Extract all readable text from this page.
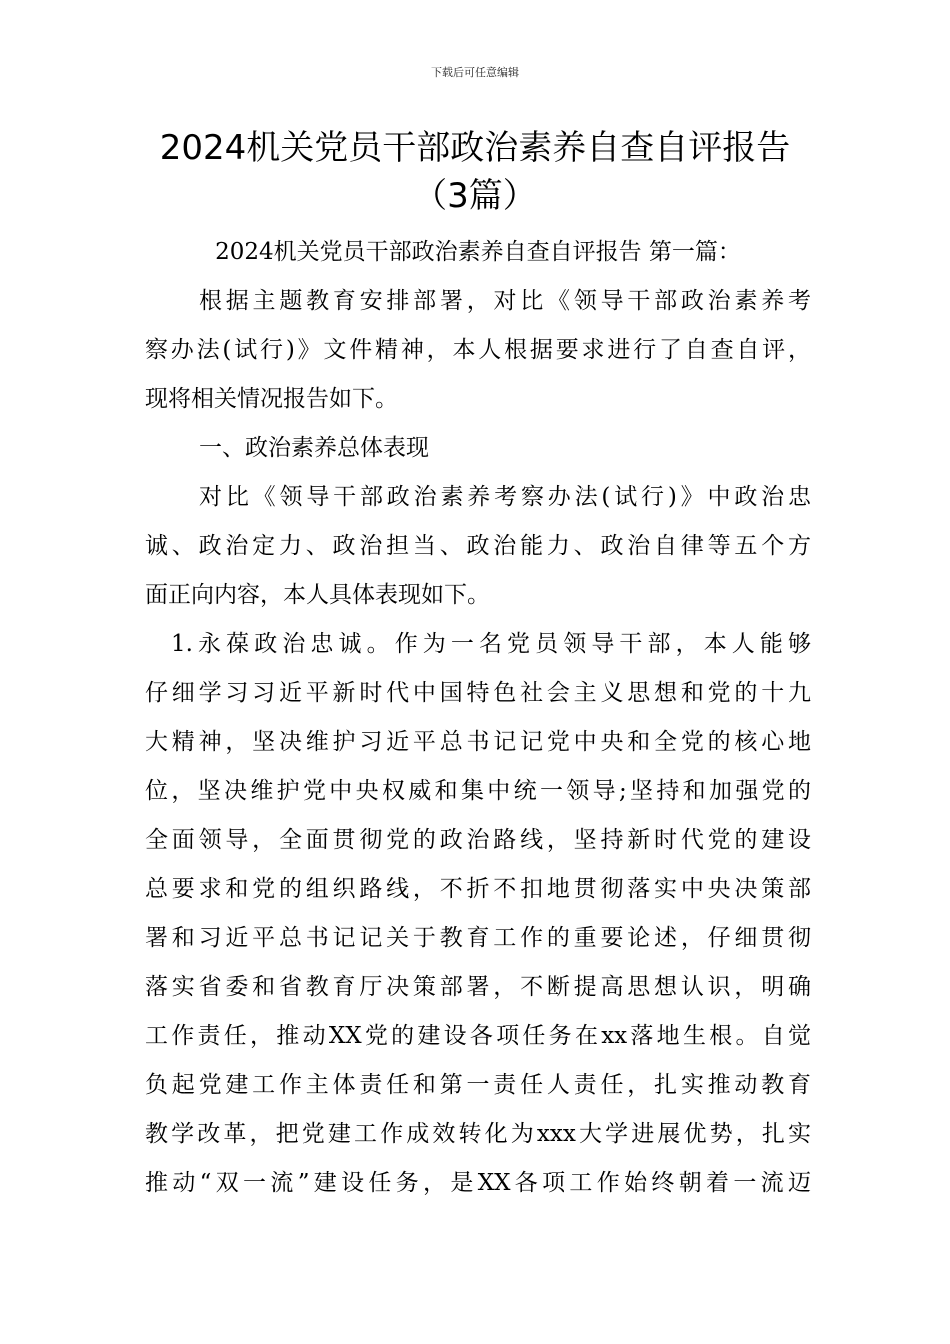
下载后可任意编辑
2024机关党员干部政治素养自查自评报告
（3篇）
2024机关党员干部政治素养自查自评报告 第一篇：
根据主题教育安排部署，对比《领导干部政治素养考
察办法(试行)》文件精神，本人根据要求进行了自查自评，
现将相关情况报告如下。
一、政治素养总体表现
对比《领导干部政治素养考察办法(试行)》中政治忠
诚、政治定力、政治担当、政治能力、政治自律等五个方
面正向内容，本人具体表现如下。
1.永葆政治忠诚。作为一名党员领导干部，本人能够
仔细学习习近平新时代中国特色社会主义思想和党的十九
大精神，坚决维护习近平总书记记党中央和全党的核心地
位，坚决维护党中央权威和集中统一领导;坚持和加强党的
全面领导，全面贯彻党的政治路线，坚持新时代党的建设
总要求和党的组织路线，不折不扣地贯彻落实中央决策部
署和习近平总书记记关于教育工作的重要论述，仔细贯彻
落实省委和省教育厅决策部署，不断提高思想认识，明确
工作责任，推动XX党的建设各项任务在xx落地生根。自觉
负起党建工作主体责任和第一责任人责任，扎实推动教育
教学改革，把党建工作成效转化为xxx大学进展优势，扎实
推动“双一流”建设任务，是XX各项工作始终朝着一流迈
